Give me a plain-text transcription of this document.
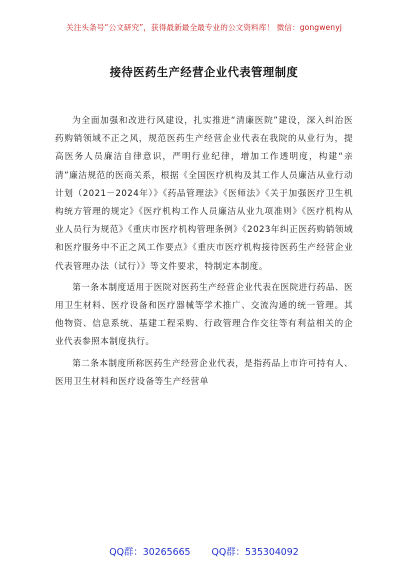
关注头条号“公文研究”，获得最新最全最专业的公文资料库！ 微信：gongwenyj
接待医药生产经营企业代表管理制度

为全面加强和改进行风建设，扎实推进“清廉医院”建设，深入纠治医药购销领域不正之风，规范医药生产经营企业代表在我院的从业行为，提高医务人员廉洁自律意识，严明行业纪律，增加工作透明度，构建“亲清”廉洁规范的医商关系，根据《全国医疗机构及其工作人员廉洁从业行动计划（2021－2024年）》《药品管理法》《医师法》《关于加强医疗卫生机构统方管理的规定》《医疗机构工作人员廉洁从业九项准则》《医疗机构从业人员行为规范》《重庆市医疗机构管理条例》《2023年纠正医药购销领域和医疗服务中不正之风工作要点》《重庆市医疗机构接待医药生产经营企业代表管理办法（试行）》等文件要求，特制定本制度。

第一条本制度适用于医院对医药生产经营企业代表在医院进行药品、医用卫生材料、医疗设备和医疗器械等学术推广、交流沟通的统一管理。其他物资、信息系统、基建工程采购、行政管理合作交往等有利益相关的企业代表参照本制度执行。

第二条本制度所称医药生产经营企业代表，是指药品上市许可持有人、医用卫生材料和医疗设备等生产经营单

QQ群：30265665 QQ群：535304092
